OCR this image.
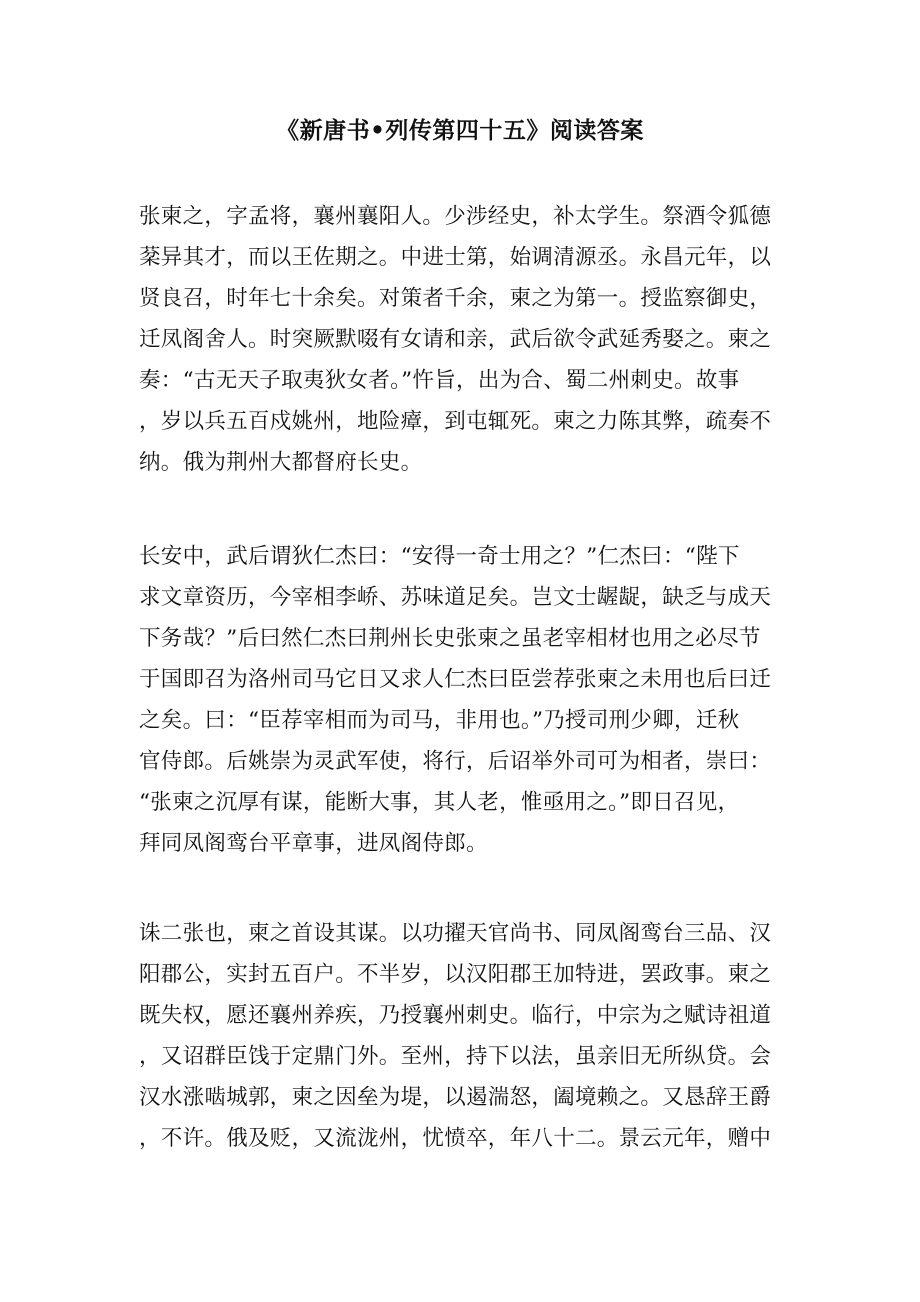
《新唐书•列传第四十五》阅读答案
张柬之，字孟将，襄州襄阳人。少涉经史，补太学生。祭酒令狐德
棻异其才，而以王佐期之。中进士第，始调清源丞。永昌元年，以
贤良召，时年七十余矣。对策者千余，柬之为第一。授监察御史，
迁凤阁舍人。时突厥默啜有女请和亲，武后欲令武延秀娶之。柬之
奏：“古无天子取夷狄女者。”忤旨，出为合、蜀二州刺史。故事
，岁以兵五百戍姚州，地险瘴，到屯辄死。柬之力陈其弊，疏奏不
纳。俄为荆州大都督府长史。
长安中，武后谓狄仁杰曰：“安得一奇士用之？”仁杰曰：“陛下
求文章资历，今宰相李峤、苏味道足矣。岂文士龌龊，缺乏与成天
下务哉？”后曰然仁杰曰荆州长史张柬之虽老宰相材也用之必尽节
于国即召为洛州司马它日又求人仁杰曰臣尝荐张柬之未用也后曰迁
之矣。曰：“臣荐宰相而为司马，非用也。”乃授司刑少卿，迁秋
官侍郎。后姚崇为灵武军使，将行，后诏举外司可为相者，崇曰：
“张柬之沉厚有谋，能断大事，其人老，惟亟用之。”即日召见，
拜同凤阁鸾台平章事，进凤阁侍郎。
诛二张也，柬之首设其谋。以功擢天官尚书、同凤阁鸾台三品、汉
阳郡公，实封五百户。不半岁，以汉阳郡王加特进，罢政事。柬之
既失权，愿还襄州养疾，乃授襄州刺史。临行，中宗为之赋诗祖道
，又诏群臣饯于定鼎门外。至州，持下以法，虽亲旧无所纵贷。会
汉水涨啮城郭，柬之因垒为堤，以遏湍怒，阖境赖之。又恳辞王爵
，不许。俄及贬，又流泷州，忧愤卒，年八十二。景云元年，赠中
